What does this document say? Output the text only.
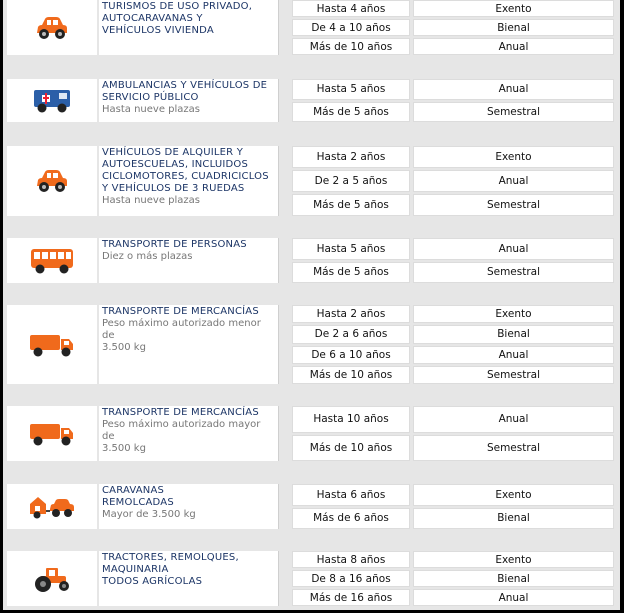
TURISMOS DE USO PRIVADO,
AUTOCARAVANAS Y
VEHÍCULOS VIVIENDA
Hasta 4 años	Exento
De 4 a 10 años	Bienal
Más de 10 años	Anual
AMBULANCIAS Y VEHÍCULOS DE
SERVICIO PÚBLICO
Hasta nueve plazas
Hasta 5 años	Anual
Más de 5 años	Semestral
VEHÍCULOS DE ALQUILER Y
AUTOESCUELAS, INCLUIDOS
CICLOMOTORES, CUADRICICLOS
Y VEHÍCULOS DE 3 RUEDAS
Hasta nueve plazas
Hasta 2 años	Exento
De 2 a 5 años	Anual
Más de 5 años	Semestral
TRANSPORTE DE PERSONAS
Diez o más plazas
Hasta 5 años	Anual
Más de 5 años	Semestral
TRANSPORTE DE MERCANCÍAS
Peso máximo autorizado menor
de
3.500 kg
Hasta 2 años	Exento
De 2 a 6 años	Bienal
De 6 a 10 años	Anual
Más de 10 años	Semestral
TRANSPORTE DE MERCANCÍAS
Peso máximo autorizado mayor
de
3.500 kg
Hasta 10 años	Anual
Más de 10 años	Semestral
CARAVANAS
REMOLCADAS
Mayor de 3.500 kg
Hasta 6 años	Exento
Más de 6 años	Bienal
TRACTORES, REMOLQUES,
MAQUINARIA
TODOS AGRÍCOLAS
Hasta 8 años	Exento
De 8 a 16 años	Bienal
Más de 16 años	Anual
